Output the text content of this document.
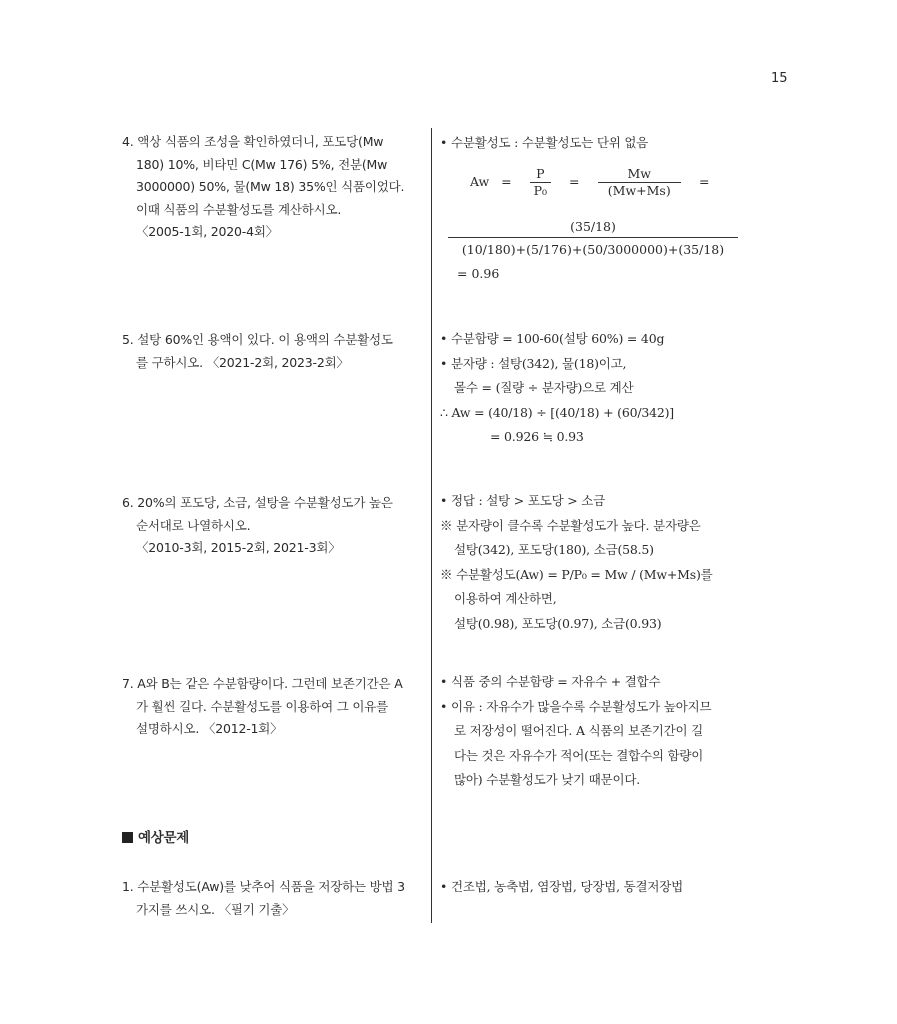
15
4. 액상 식품의 조성을 확인하였더니, 포도당(Mw
180) 10%, 비타민 C(Mw 176) 5%, 전분(Mw
3000000) 50%, 물(Mw 18) 35%인 식품이었다.
이때 식품의 수분활성도를 계산하시오.
〈2005-1회, 2020-4회〉
• 수분활성도 : 수분활성도는 단위 없음
$Aw = \frac{P}{\text{P₀}} = \frac{Mw}{(Mw+Ms)}$ =
$\frac{(35/18)}{(10/180)+(5/176)+(50/3000000)+(35/18)}$
= 0.96
5. 설탕 60%인 용액이 있다. 이 용액의 수분활성도
를 구하시오. 〈2021-2회, 2023-2회〉
• 수분함량 = 100-60(설탕 60%) = 40g
• 분자량 : 설탕(342), 물(18)이고,
몰수 = (질량 ÷ 분자량)으로 계산
∴ Aw = (40/18) ÷ [(40/18) + (60/342)]
= 0.926 ≒ 0.93
6. 20%의 포도당, 소금, 설탕을 수분활성도가 높은
순서대로 나열하시오.
〈2010-3회, 2015-2회, 2021-3회〉
• 정답 : 설탕 > 포도당 > 소금
※ 분자량이 클수록 수분활성도가 높다. 분자량은
설탕(342), 포도당(180), 소금(58.5)
※ 수분활성도(Aw) = P/P₀ = Mw / (Mw+Ms)를
이용하여 계산하면,
설탕(0.98), 포도당(0.97), 소금(0.93)
7. A와 B는 같은 수분함량이다. 그런데 보존기간은 A
가 훨씬 길다. 수분활성도를 이용하여 그 이유를
설명하시오. 〈2012-1회〉
• 식품 중의 수분함량 = 자유수 + 결합수
• 이유 : 자유수가 많을수록 수분활성도가 높아지므
로 저장성이 떨어진다. A 식품의 보존기간이 길
다는 것은 자유수가 적어(또는 결합수의 함량이
많아) 수분활성도가 낮기 때문이다.
예상문제
1. 수분활성도(Aw)를 낮추어 식품을 저장하는 방법 3
가지를 쓰시오. 〈필기 기출〉
• 건조법, 농축법, 염장법, 당장법, 동결저장법
